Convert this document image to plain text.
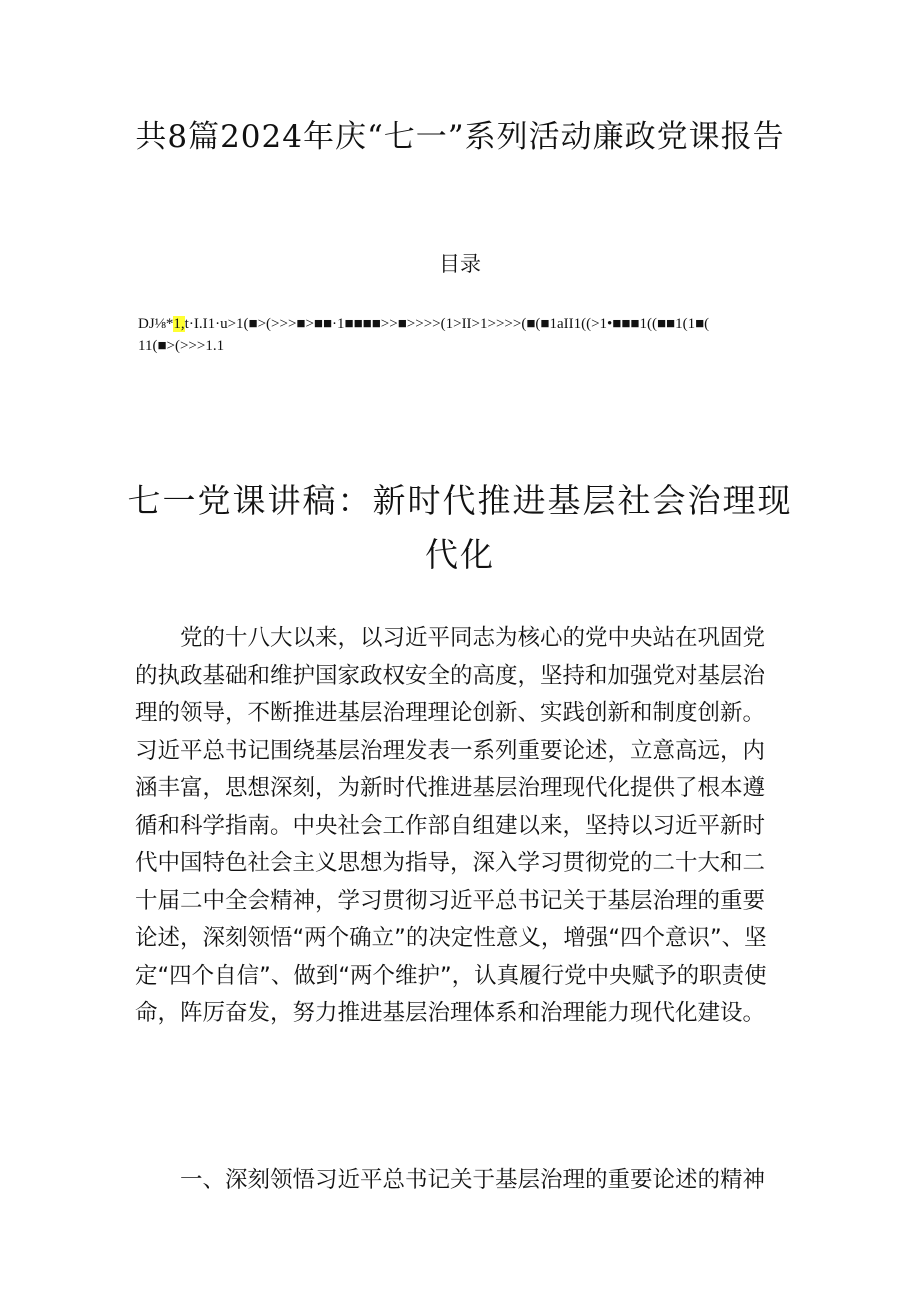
共8篇2024年庆“七一”系列活动廉政党课报告
目录
DJ⅛*1,t·I.I1·u>1(■>(>>>■>■■·1■■■■>>■>>>>(1>II>1>>>>(■(■1aII1((>1•■■■1((■■1(1■(
11(■>(>>>1.1
七一党课讲稿：新时代推进基层社会治理现代化

党的十八大以来，以习近平同志为核心的党中央站在巩固党的执政基础和维护国家政权安全的高度，坚持和加强党对基层治理的领导，不断推进基层治理理论创新、实践创新和制度创新。习近平总书记围绕基层治理发表一系列重要论述，立意高远，内涵丰富，思想深刻，为新时代推进基层治理现代化提供了根本遵循和科学指南。中央社会工作部自组建以来，坚持以习近平新时代中国特色社会主义思想为指导，深入学习贯彻党的二十大和二十届二中全会精神，学习贯彻习近平总书记关于基层治理的重要论述，深刻领悟“两个确立”的决定性意义，增强“四个意识”、坚定“四个自信”、做到“两个维护”，认真履行党中央赋予的职责使命，阵厉奋发，努力推进基层治理体系和治理能力现代化建设。

一、深刻领悟习近平总书记关于基层治理的重要论述的精神
